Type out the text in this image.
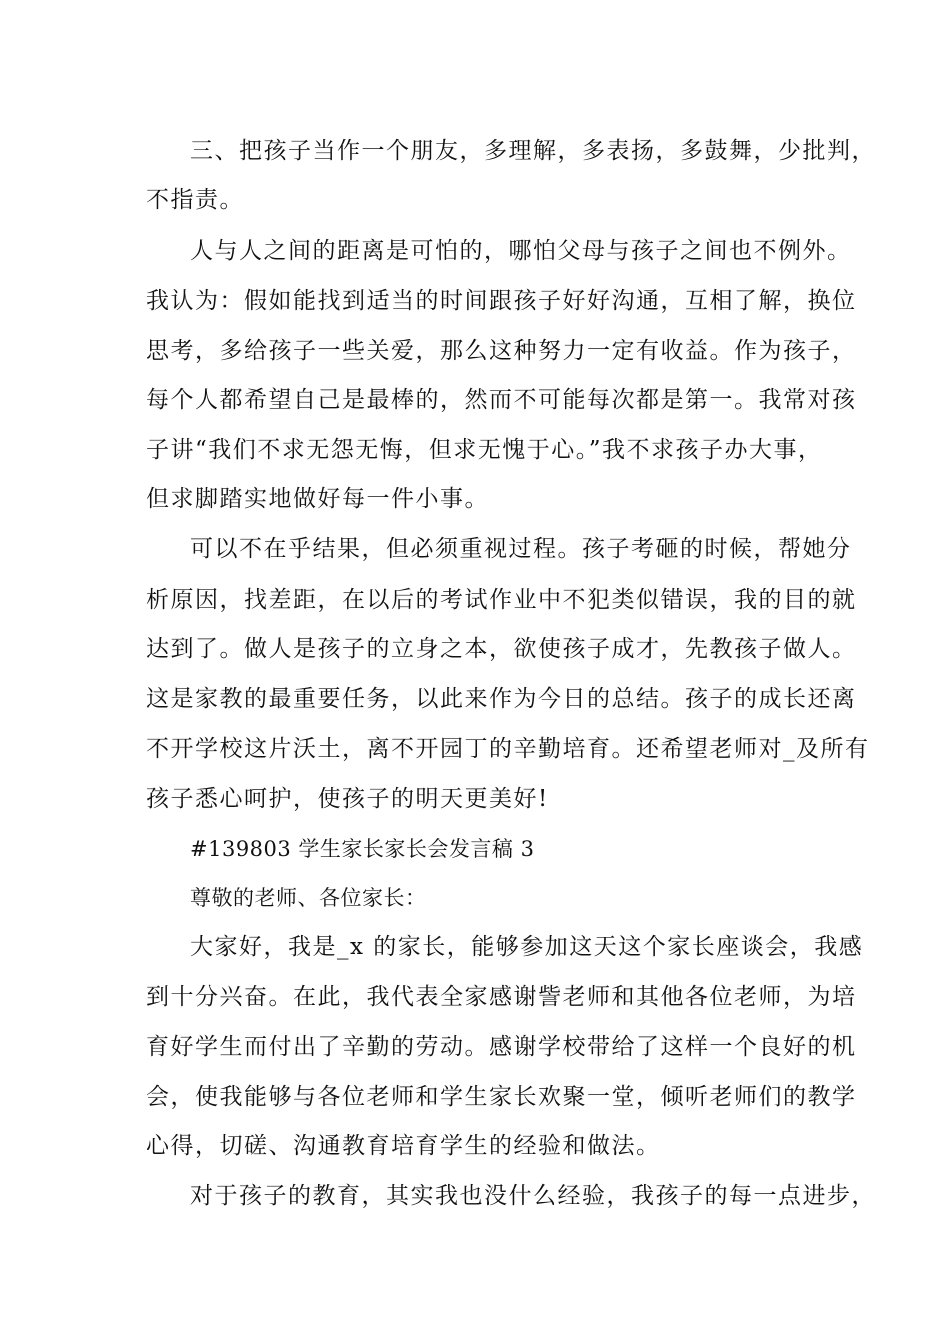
三、把孩子当作一个朋友，多理解，多表扬，多鼓舞，少批判，
不指责。
人与人之间的距离是可怕的，哪怕父母与孩子之间也不例外。
我认为：假如能找到适当的时间跟孩子好好沟通，互相了解，换位
思考，多给孩子一些关爱，那么这种努力一定有收益。作为孩子，
每个人都希望自己是最棒的，然而不可能每次都是第一。我常对孩
子讲“我们不求无怨无悔，但求无愧于心。”我不求孩子办大事，
但求脚踏实地做好每一件小事。
可以不在乎结果，但必须重视过程。孩子考砸的时候，帮她分
析原因，找差距，在以后的考试作业中不犯类似错误，我的目的就
达到了。做人是孩子的立身之本，欲使孩子成才，先教孩子做人。
这是家教的最重要任务，以此来作为今日的总结。孩子的成长还离
不开学校这片沃土，离不开园丁的辛勤培育。还希望老师对_及所有
孩子悉心呵护，使孩子的明天更美好!
#139803 学生家长家长会发言稿 3
尊敬的老师、各位家长：
大家好，我是_x 的家长，能够参加这天这个家长座谈会，我感
到十分兴奋。在此，我代表全家感谢訾老师和其他各位老师，为培
育好学生而付出了辛勤的劳动。感谢学校带给了这样一个良好的机
会，使我能够与各位老师和学生家长欢聚一堂，倾听老师们的教学
心得，切磋、沟通教育培育学生的经验和做法。
对于孩子的教育，其实我也没什么经验，我孩子的每一点进步，
